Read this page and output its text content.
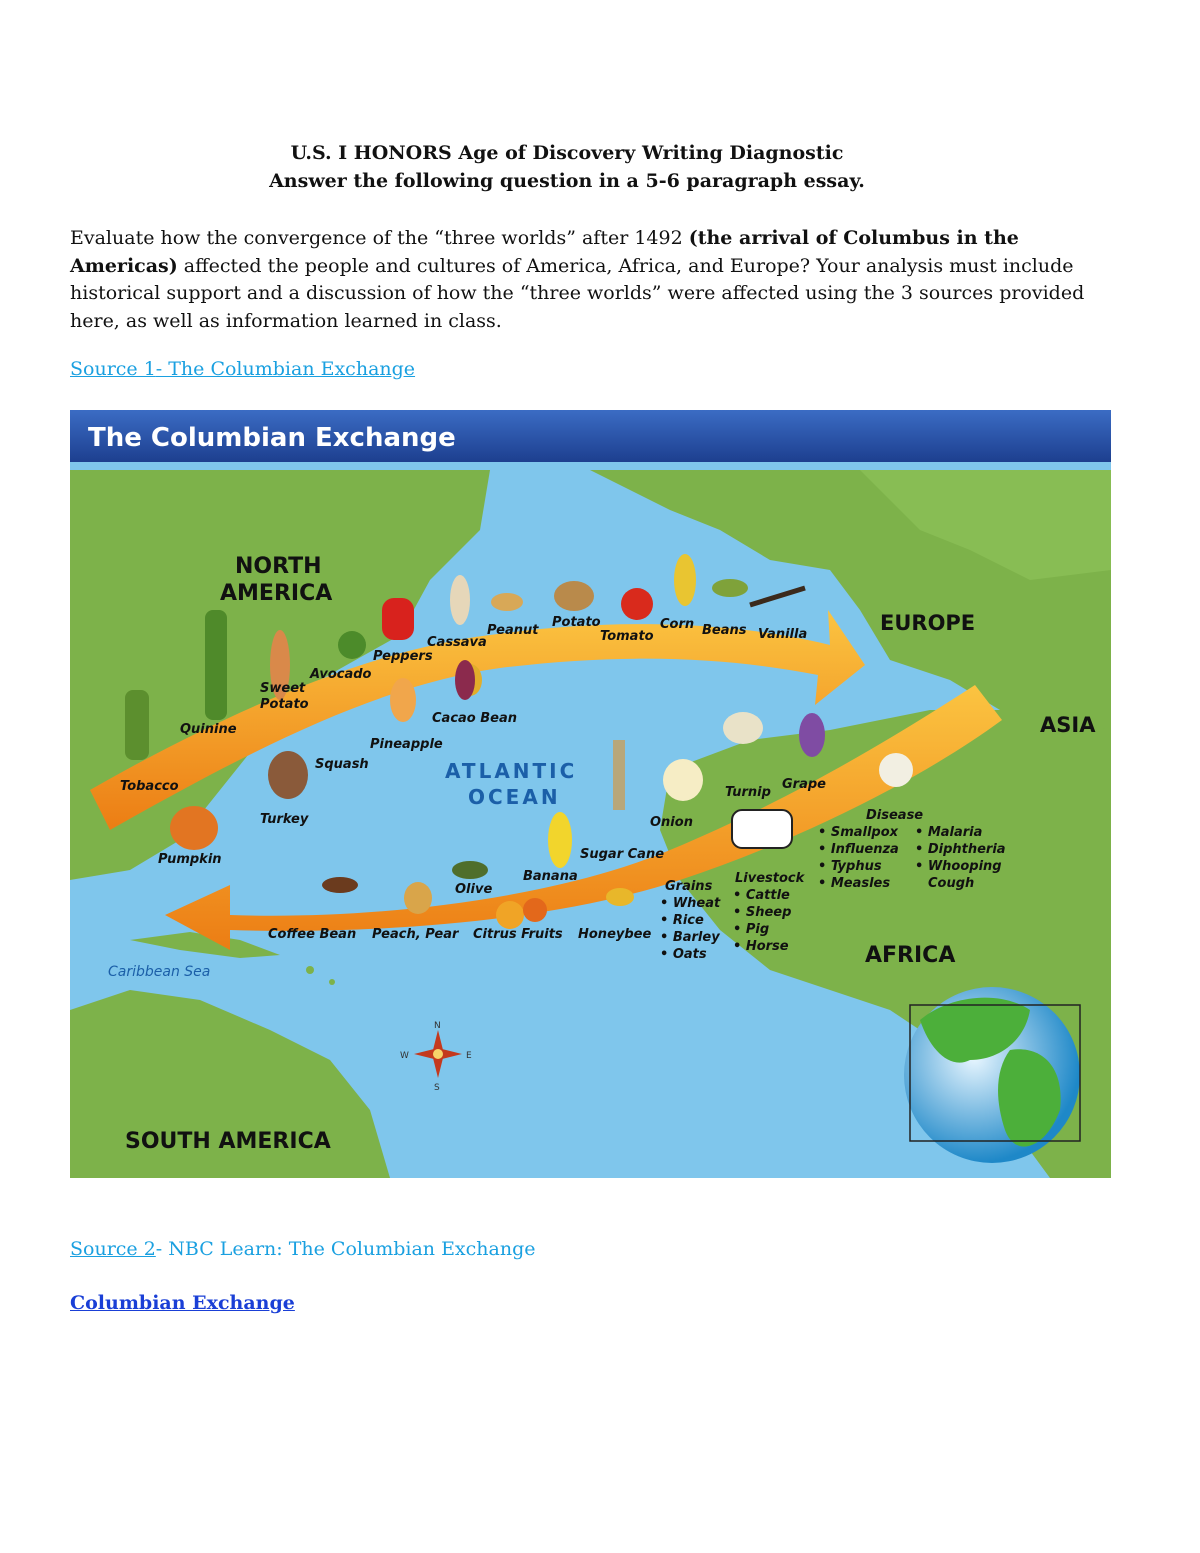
U.S. I HONORS Age of Discovery Writing Diagnostic
Answer the following question in a 5-6 paragraph essay.
Evaluate how the convergence of the “three worlds” after 1492 (the arrival of Columbus in the Americas) affected the people and cultures of America, Africa, and Europe? Your analysis must include historical support and a discussion of how the “three worlds” were affected using the 3 sources provided here, as well as information learned in class.
Source 1- The Columbian Exchange
The Columbian Exchange
NORTH
AMERICA
EUROPE
ASIA
AFRICA
SOUTH AMERICA
ATLANTIC
OCEAN
Caribbean Sea
Tobacco
Quinine
Sweet
Potato
Avocado
Peppers
Cassava
Peanut
Potato
Tomato
Corn Beans Vanilla
Turkey
Squash
Pineapple
Cacao Bean
Pumpkin
Turnip
Grape
Onion
Sugar Cane
Olive
Banana
Coffee Bean Peach, Pear Citrus Fruits Honeybee
Grains
• Wheat
• Rice
• Barley
• Oats
Livestock
• Cattle
• Sheep
• Pig
• Horse
Disease
• Smallpox
• Influenza
• Typhus
• Measles
• Malaria
• Diphtheria
• Whooping
Cough
N
E
S
W
Source 2- NBC Learn: The Columbian Exchange
Columbian Exchange
